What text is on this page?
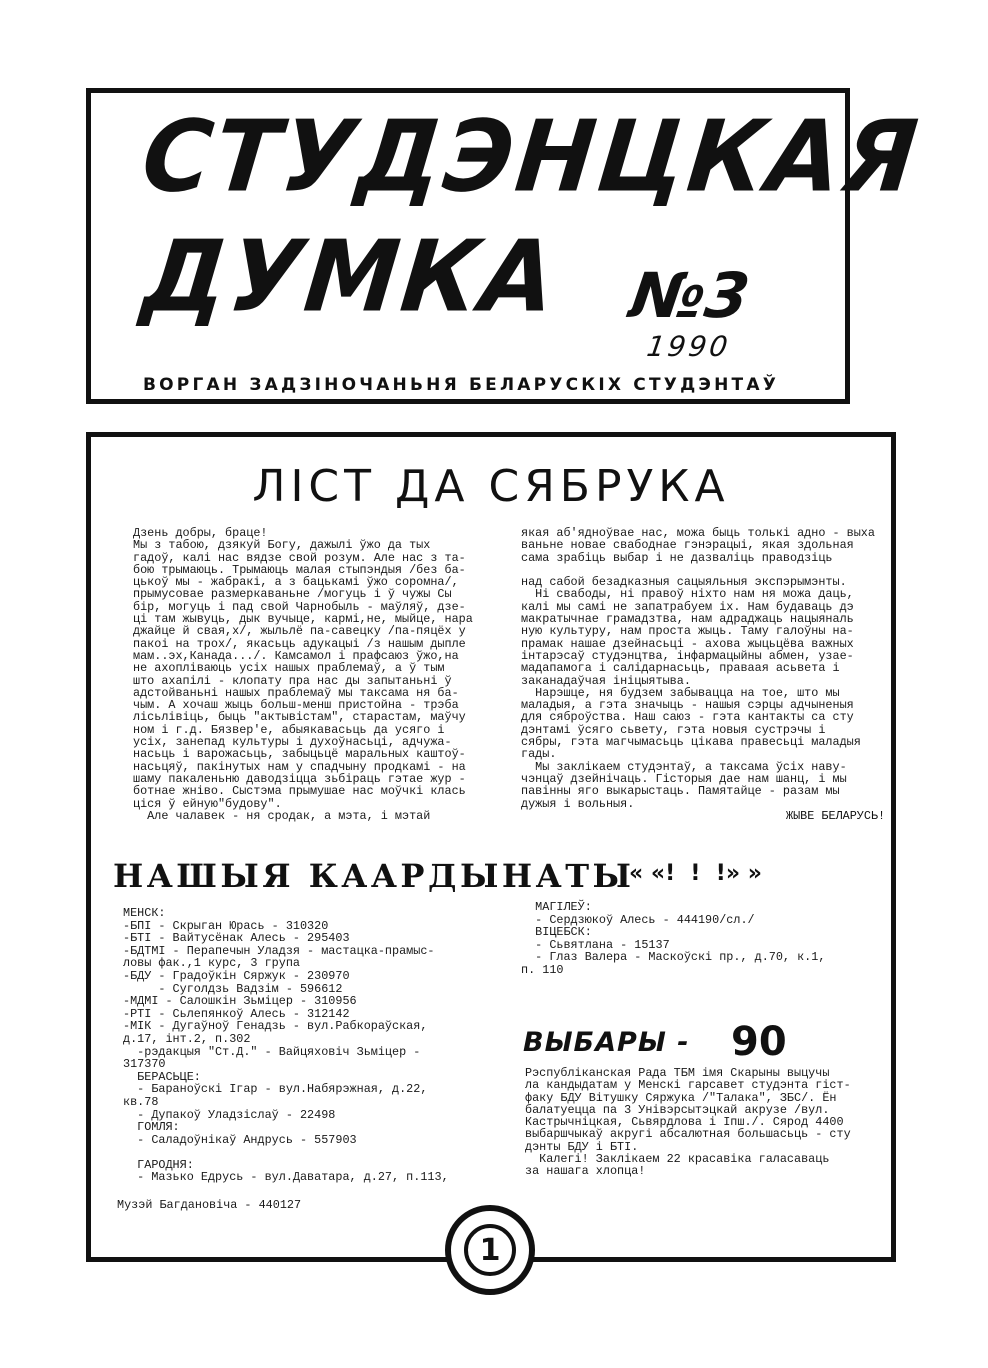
СТУДЭНЦКАЯ
ДУМКА	№3
1990
ВОРГАН ЗАДЗІНОЧАНЬНЯ БЕЛАРУСКІХ СТУДЭНТАЎ
ЛІСТ ДА СЯБРУКА
Дзень добры, браце!
Мы з табою, дзякуй Богу, дажылі ўжо да тых
гадоў, калі нас вядзе свой розум. Але нас з та-
бою трымаюць. Трымаюць малая стыпэндыя /без ба-
цькоў мы - жабракі, а з бацькамі ўжо соромна/,
прымусовае размеркаваньне /могуць і ў чужы Сы
бір, могуць і пад свой Чарнобыль - маўляў, дзе-
ці там жывуць, дык вучыце, кармі,не, мыйце, нара
джайце й свая,х/, жыльлё па-савецку /па-пяцёх у
пакоі на трох/, якасьць адукацыі /з нашым дыпле
мам..эх,Канада.../. Камсамол і прафсаюз ўжо,на
не ахопліваюць усіх нашых праблемаў, а ў тым
што ахапілі - клопату пра нас ды запытаньні ў
адстойваньні нашых праблемаў мы таксама ня ба-
чым. А хочаш жыць больш-менш пристойна - трэба
лісьлівіць, быць "актывістам", старастам, маўчу
ном і г.д. Бязвер'е, абыякавасьць да усяго і
усіх, занепад культуры і духоўнасьці, адчужа-
насьць і варожасьць, забыцьцё маральных каштоў-
насьцяў, пакінутых нам у спадчыну продкамі - на
шаму пакаленьню даводзіцца зьбіраць гэтае жур -
ботнае жніво. Сыстэма прымушае нас моўчкі клась
ціся ў ейную"будову".
Але чалавек - ня сродак, а мэта, і мэтай
якая аб'ядноўвае нас, можа быць толькі адно - выха
ваньне новае свабоднае гэнэрацыі, якая здольная
сама зрабіць выбар і не дазваліць праводзіць

над сабой безадказныя сацыяльныя экспэрымэнты.
Ні свабоды, ні правоў ніхто нам ня можа даць,
калі мы самі не запатрабуем іх. Нам будаваць дэ
макратычнае грамадзтва, нам адраджаць нацыяналь
ную культуру, нам проста жыць. Таму галоўны на-
прамак нашае дзейнасьці - ахова жыцьцёва важных
інтарэсаў студэнцтва, інфармацыйны абмен, узае-
мадапамога і салідарнасьць, праваая асьвета і
заканадаўчая ініцыятыва.
Нарэшце, ня будзем забывацца на тое, што мы
маладыя, а гэта значыць - нашыя сэрцы адчыненыя
для сяброўства. Наш саюз - гэта кантакты са сту
дэнтамі ўсяго сьвету, гэта новыя сустрэчы і
сябры, гэта магчымасьць цікава правесьці маладыя
гады.
Мы заклікаем студэнтаў, а таксама ўсіх наву-
чэнцаў дзейнічаць. Гісторыя дае нам шанц, і мы
павінны яго выкарыстаць. Памятайце - разам мы
дужыя і вольныя.
ЖЫВЕ БЕЛАРУСЬ!
НАШЫЯ КААРДЫНАТЫ
« «!  !  !» »
МЕНСК:
-БПІ - Скрыган Юрась - 310320
-БТІ - Вайтусёнак Алесь - 295403
-БДТМІ - Перапечын Уладзя - мастацка-прамыс-
ловы фак.,1 курс, 3 група
-БДУ - Градоўкін Сяржук - 230970
- Суголдзь Вадзім - 596612
-МДМІ - Салошкін Зьміцер - 310956
-РТІ - Сьлепянкоў Алесь - 312142
-МІК - Дугаўноў Генадзь - вул.Рабкораўская,
д.17, інт.2, п.302
-рэдакцыя "Ст.Д." - Вайцяховіч Зьміцер -
317370
БЕРАСЬЦЕ:
- Бараноўскі Ігар - вул.Набярэжная, д.22,
кв.78
- Дупакоў Уладзіслаў - 22498
ГОМЛЯ:
- Саладоўнікаў Андрусь - 557903

ГАРОДНЯ:
- Мазько Едрусь - вул.Даватара, д.27, п.113,
МАГІЛЕЎ:
- Сердзюкоў Алесь - 444190/сл./
ВІЦЕБСК:
- Сьвятлана - 15137
- Глаз Валера - Маскоўскі пр., д.70, к.1,
п. 110
ВЫБАРЫ - 90
Рэспубліканская Рада ТБМ імя Скарыны выцучы
ла кандыдатам у Менскі гарсавет студэнта гіст-
факу БДУ Вітушку Сяржука /"Талака", ЗБС/. Ён
балатуецца па 3 Унівэрсытэцкай акрузе /вул.
Кастрычніцкая, Сьвярдлова і Іпш./. Сярод 4400
выбаршчыкаў акругі абсалютная большасьць - сту
дэнты БДУ і БТІ.
Калегі! Заклікаем 22 красавіка галасаваць
за нашага хлопца!
Музэй Багдановіча - 440127
1
